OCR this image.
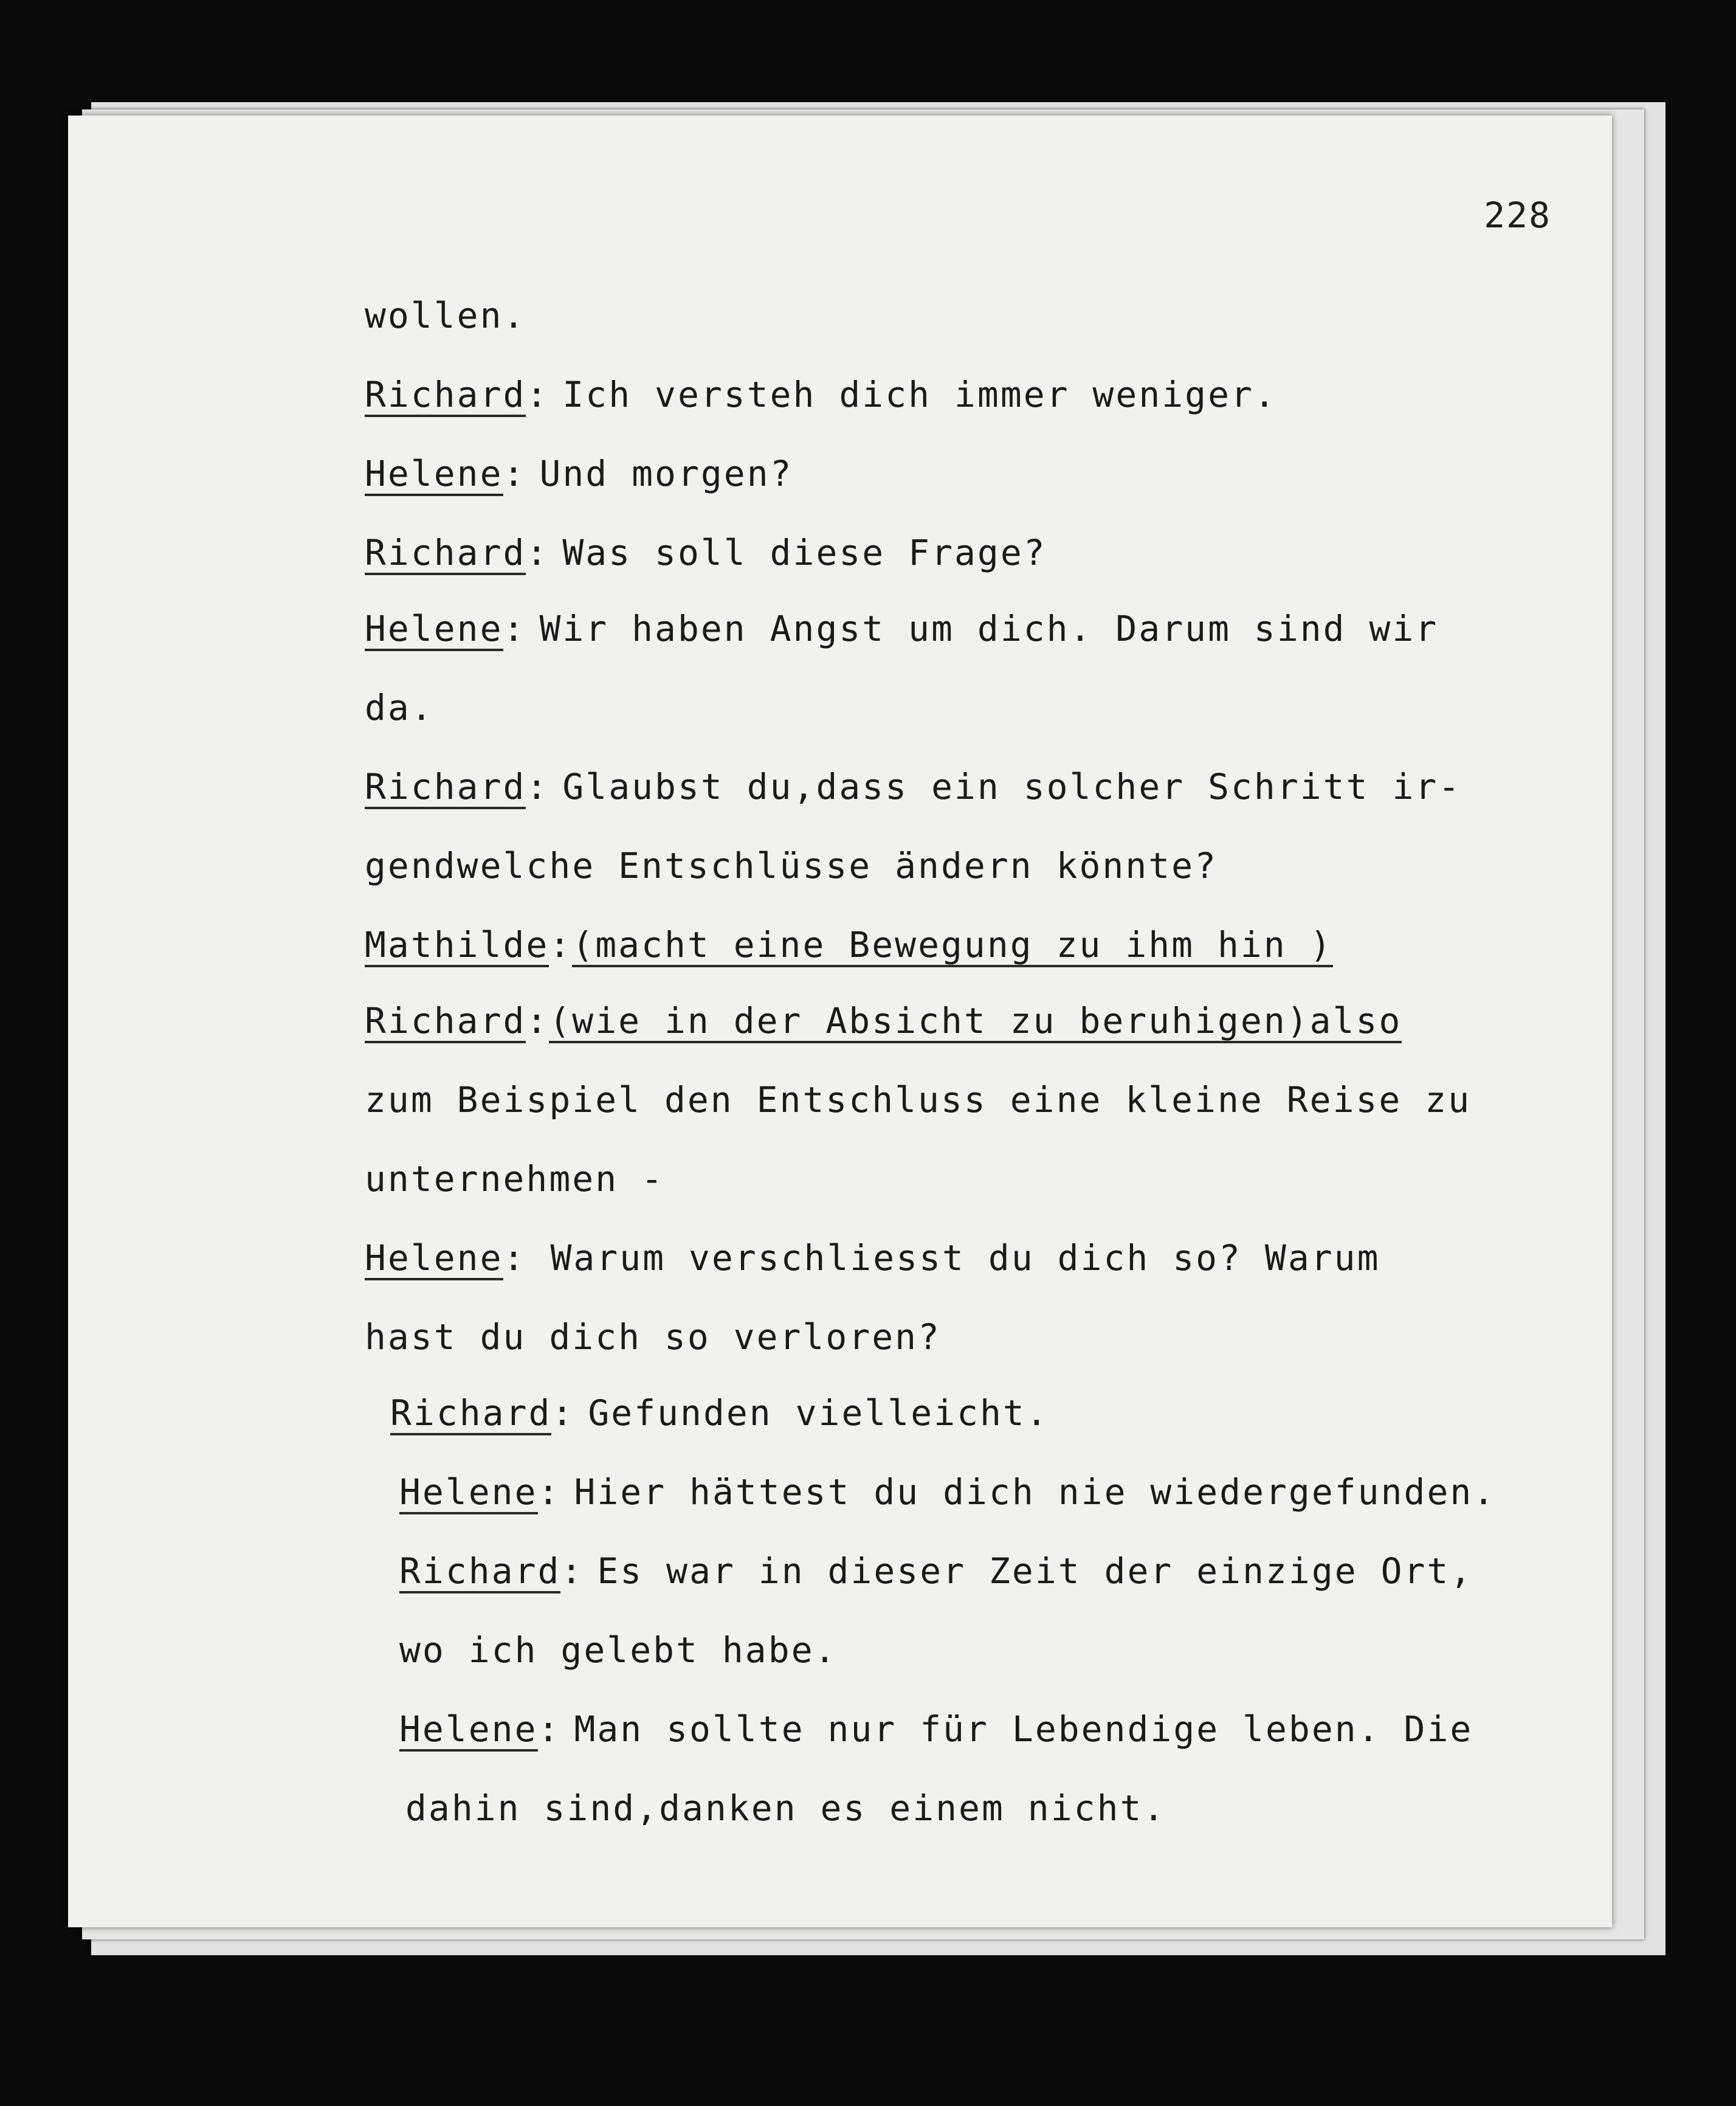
228
wollen.
Richard: Ich versteh dich immer weniger.
Helene: Und morgen?
Richard: Was soll diese Frage?
Helene: Wir haben Angst um dich. Darum sind wir
da.
Richard: Glaubst du,dass ein solcher Schritt ir-
gendwelche Entschlüsse ändern könnte?
Mathilde:(macht eine Bewegung zu ihm hin )
Richard:(wie in der Absicht zu beruhigen)also
zum Beispiel den Entschluss eine kleine Reise zu
unternehmen -
Helene: Warum verschliesst du dich so? Warum
hast du dich so verloren?
Richard: Gefunden vielleicht.
Helene: Hier hättest du dich nie wiedergefunden.
Richard: Es war in dieser Zeit der einzige Ort,
wo ich gelebt habe.
Helene: Man sollte nur für Lebendige leben. Die
dahin sind,danken es einem nicht.
